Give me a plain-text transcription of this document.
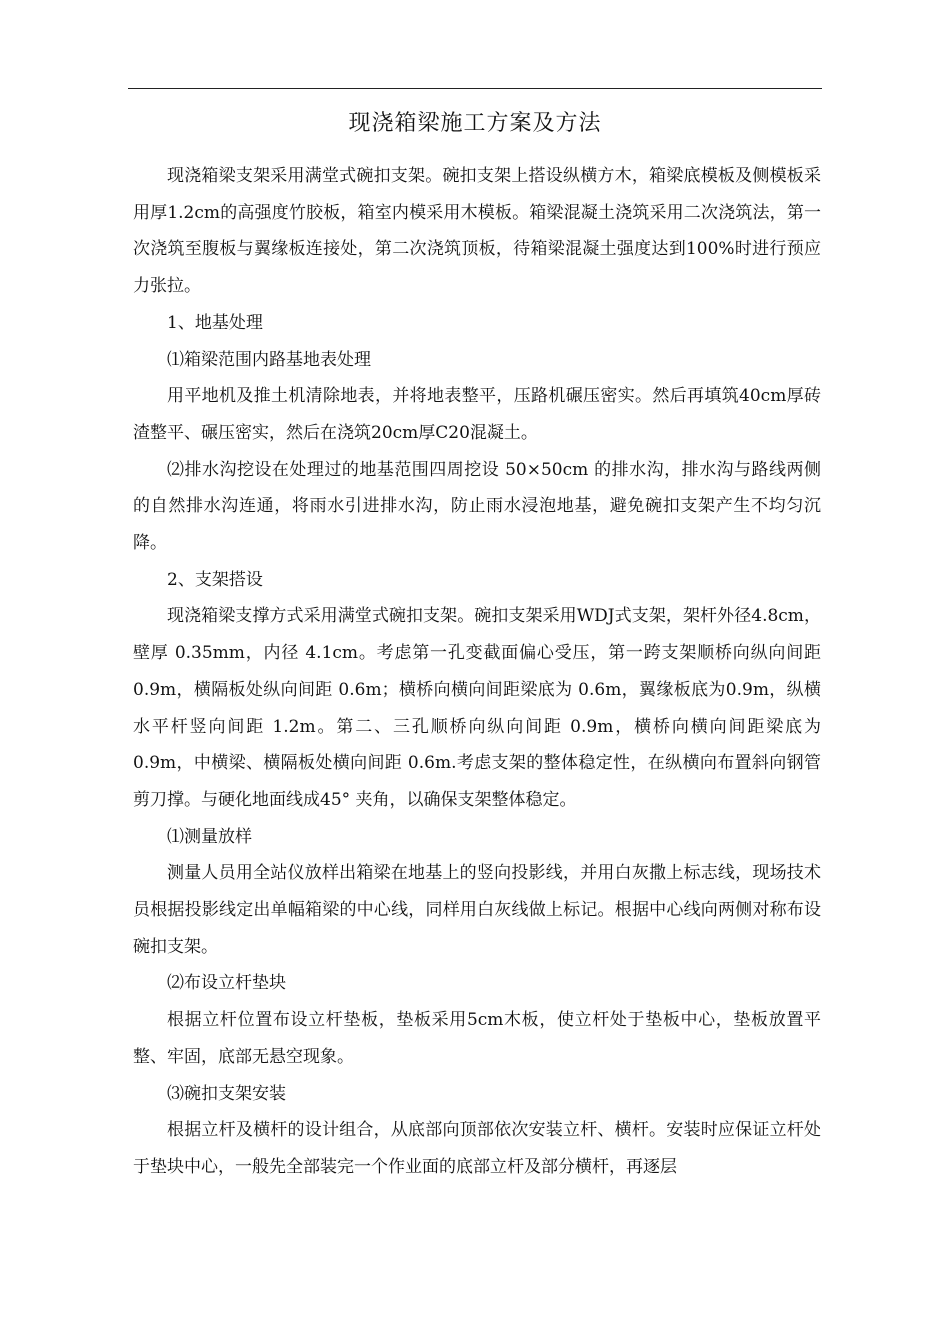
现浇箱梁施工方案及方法

现浇箱梁支架采用满堂式碗扣支架。碗扣支架上搭设纵横方木，箱梁底模板及侧模板采用厚1.2cm的高强度竹胶板，箱室内模采用木模板。箱梁混凝土浇筑采用二次浇筑法，第一次浇筑至腹板与翼缘板连接处，第二次浇筑顶板，待箱梁混凝土强度达到100%时进行预应力张拉。

1、地基处理

⑴箱梁范围内路基地表处理

用平地机及推土机清除地表，并将地表整平，压路机碾压密实。然后再填筑40cm厚砖渣整平、碾压密实，然后在浇筑20cm厚C20混凝土。

⑵排水沟挖设在处理过的地基范围四周挖设 50×50cm 的排水沟，排水沟与路线两侧的自然排水沟连通，将雨水引进排水沟，防止雨水浸泡地基，避免碗扣支架产生不均匀沉降。

2、支架搭设

现浇箱梁支撑方式采用满堂式碗扣支架。碗扣支架采用WDJ式支架，架杆外径4.8cm，壁厚 0.35mm，内径 4.1cm。考虑第一孔变截面偏心受压，第一跨支架顺桥向纵向间距 0.9m，横隔板处纵向间距 0.6m；横桥向横向间距梁底为 0.6m，翼缘板底为0.9m，纵横水平杆竖向间距 1.2m。第二、三孔顺桥向纵向间距 0.9m，横桥向横向间距梁底为 0.9m，中横梁、横隔板处横向间距 0.6m.考虑支架的整体稳定性，在纵横向布置斜向钢管剪刀撑。与硬化地面线成45° 夹角，以确保支架整体稳定。

⑴测量放样

测量人员用全站仪放样出箱梁在地基上的竖向投影线，并用白灰撒上标志线，现场技术员根据投影线定出单幅箱梁的中心线，同样用白灰线做上标记。根据中心线向两侧对称布设碗扣支架。

⑵布设立杆垫块

根据立杆位置布设立杆垫板，垫板采用5cm木板，使立杆处于垫板中心，垫板放置平整、牢固，底部无悬空现象。

⑶碗扣支架安装

根据立杆及横杆的设计组合，从底部向顶部依次安装立杆、横杆。安装时应保证立杆处于垫块中心，一般先全部装完一个作业面的底部立杆及部分横杆，再逐层
